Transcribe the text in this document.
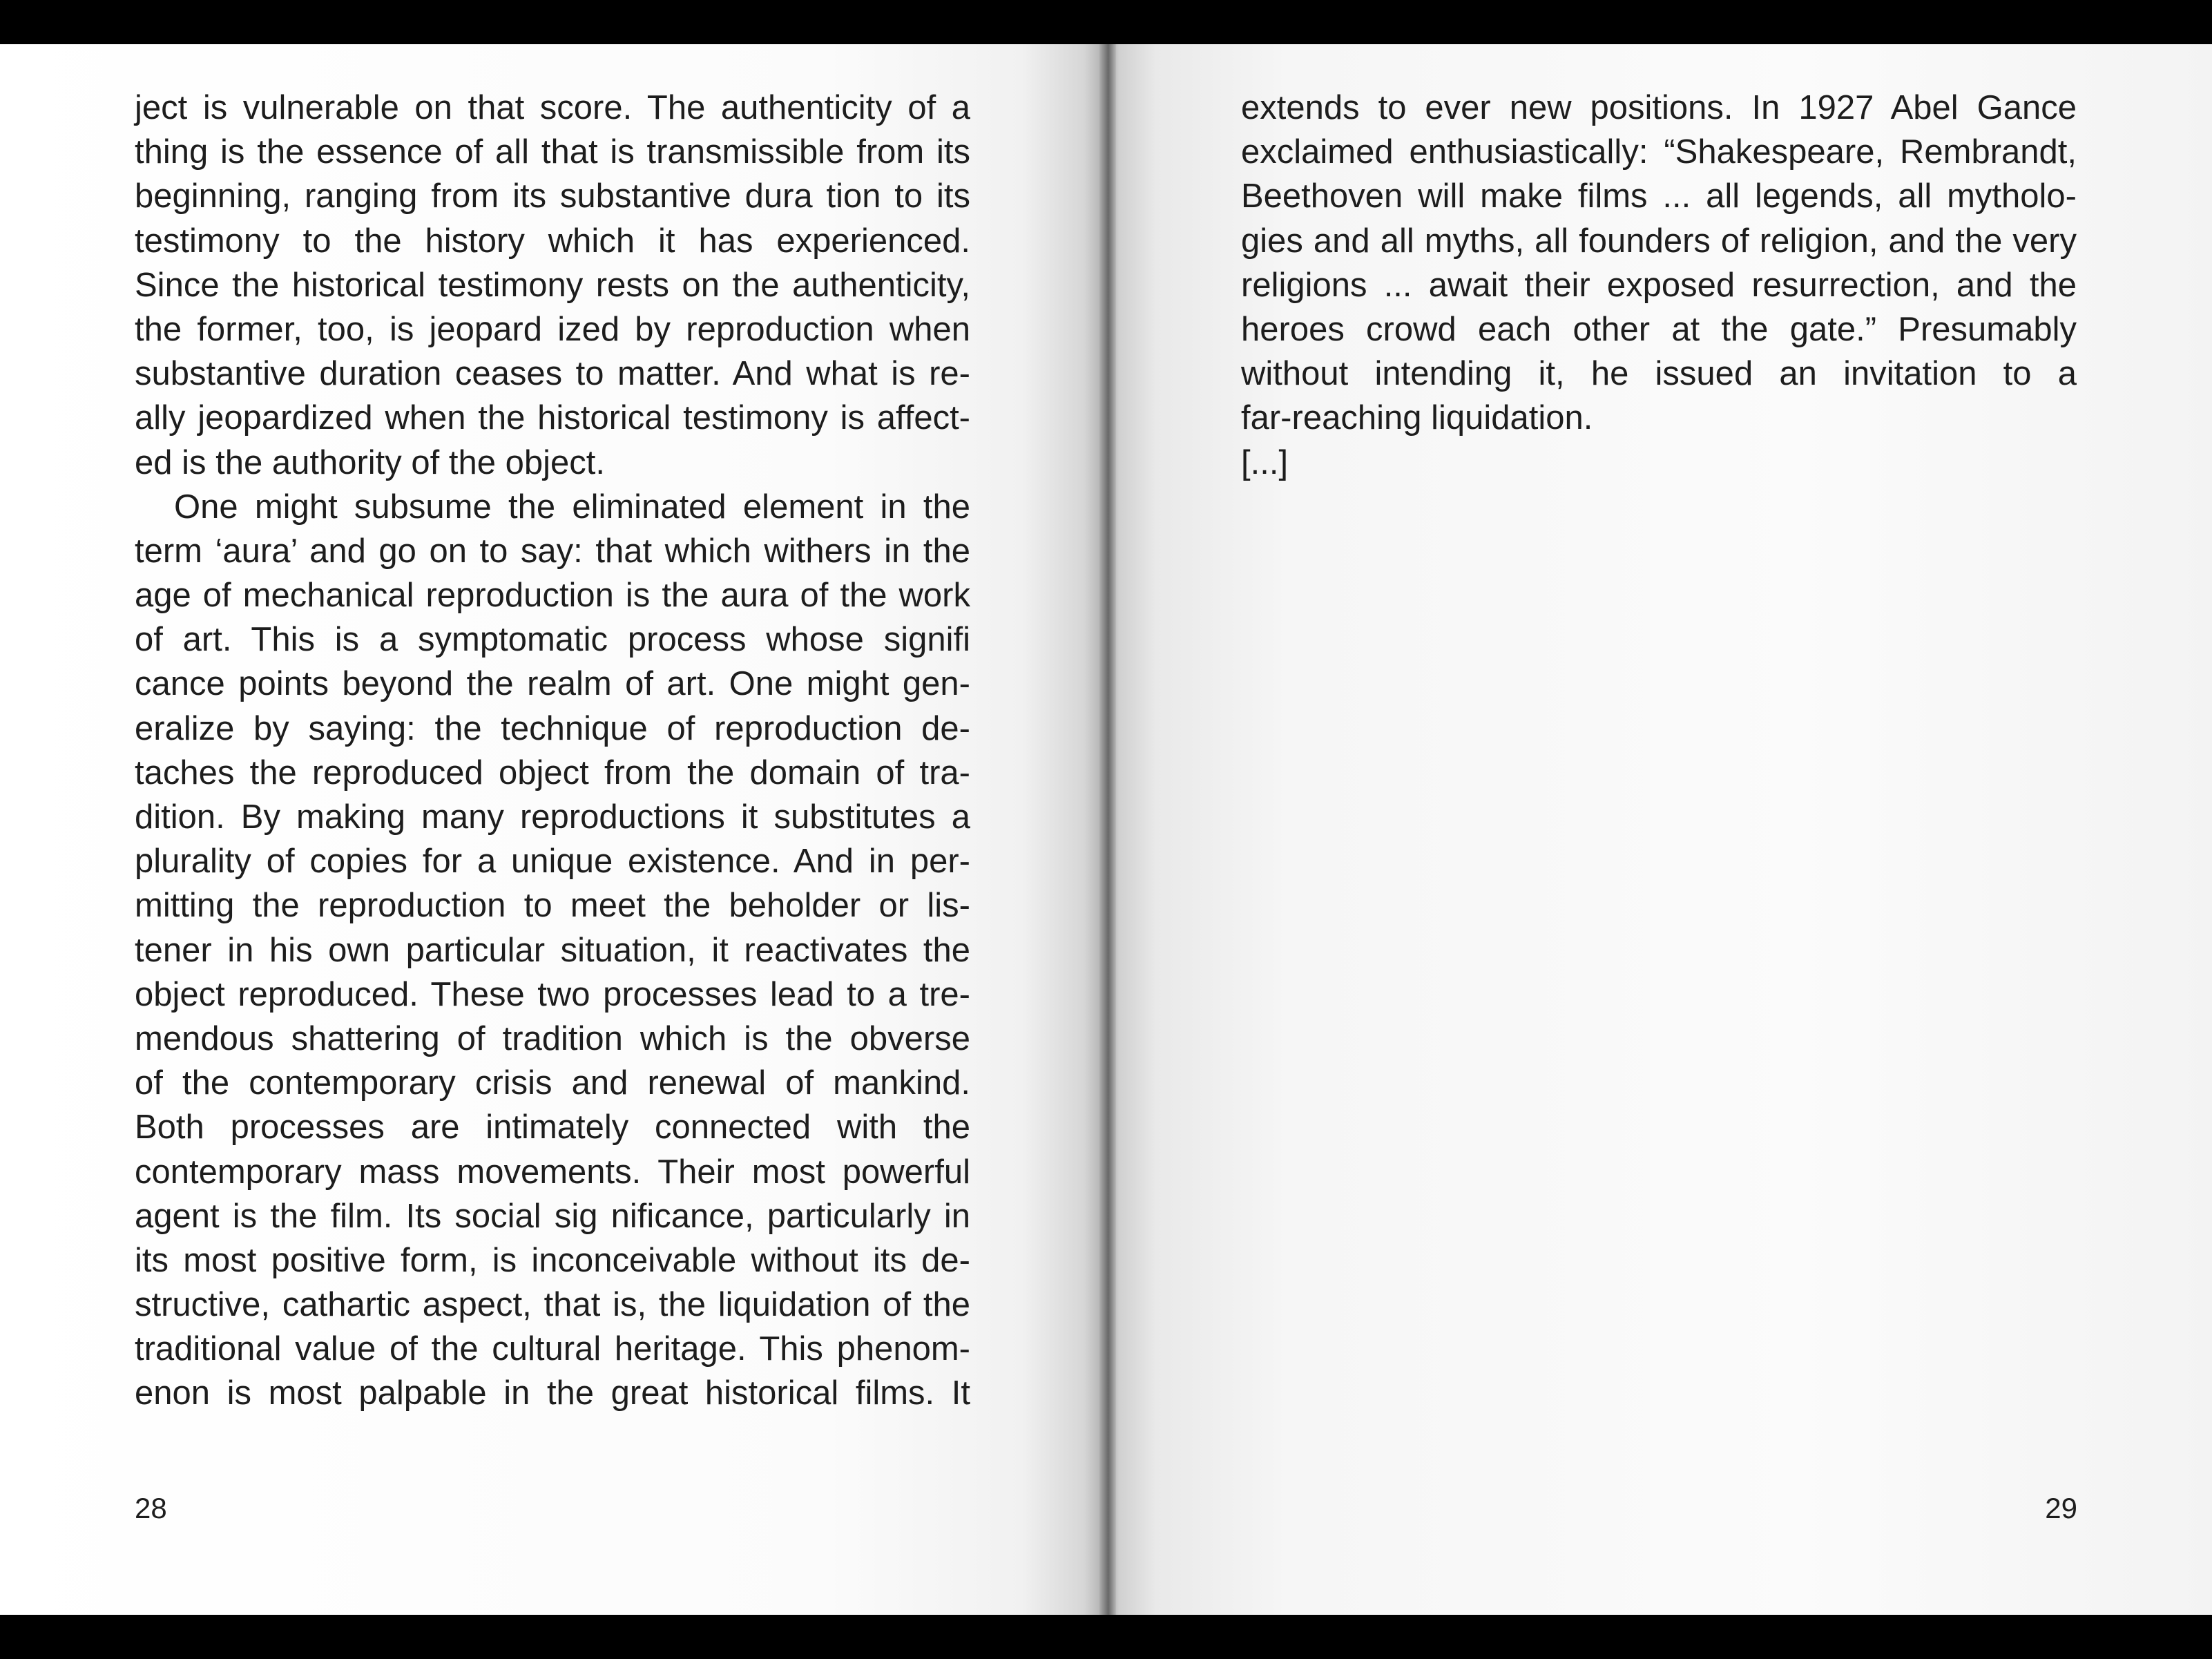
ject is vulnerable on that score. The authenticity of a
thing is the essence of all that is transmissible from its
beginning, ranging from its substantive dura tion to its
testimony to the history which it has experienced.
Since the historical testimony rests on the authenticity,
the former, too, is jeopard ized by reproduction when
substantive duration ceases to matter. And what is re-
ally jeopardized when the historical testimony is affect-
ed is the authority of the object.
One might subsume the eliminated element in the
term ‘aura’ and go on to say: that which withers in the
age of mechanical reproduction is the aura of the work
of art. This is a symptomatic process whose signifi
cance points beyond the realm of art. One might gen-
eralize by saying: the technique of reproduction de-
taches the reproduced object from the domain of tra-
dition. By making many reproductions it substitutes a
plurality of copies for a unique existence. And in per-
mitting the reproduction to meet the beholder or lis-
tener in his own particular situation, it reactivates the
object reproduced. These two processes lead to a tre-
mendous shattering of tradition which is the obverse
of the contemporary crisis and renewal of mankind.
Both processes are intimately connected with the
contemporary mass movements. Their most powerful
agent is the film. Its social sig nificance, particularly in
its most positive form, is inconceivable without its de-
structive, cathartic aspect, that is, the liquidation of the
traditional value of the cultural heritage. This phenom-
enon is most palpable in the great historical films. It
extends to ever new positions. In 1927 Abel Gance
exclaimed enthusiastically: “Shakespeare, Rembrandt,
Beethoven will make films ... all legends, all mytholo-
gies and all myths, all founders of religion, and the very
religions ... await their exposed resurrection, and the
heroes crowd each other at the gate.” Presumably
without intending it, he issued an invitation to a
far-reaching liquidation.
[...]
28	29
